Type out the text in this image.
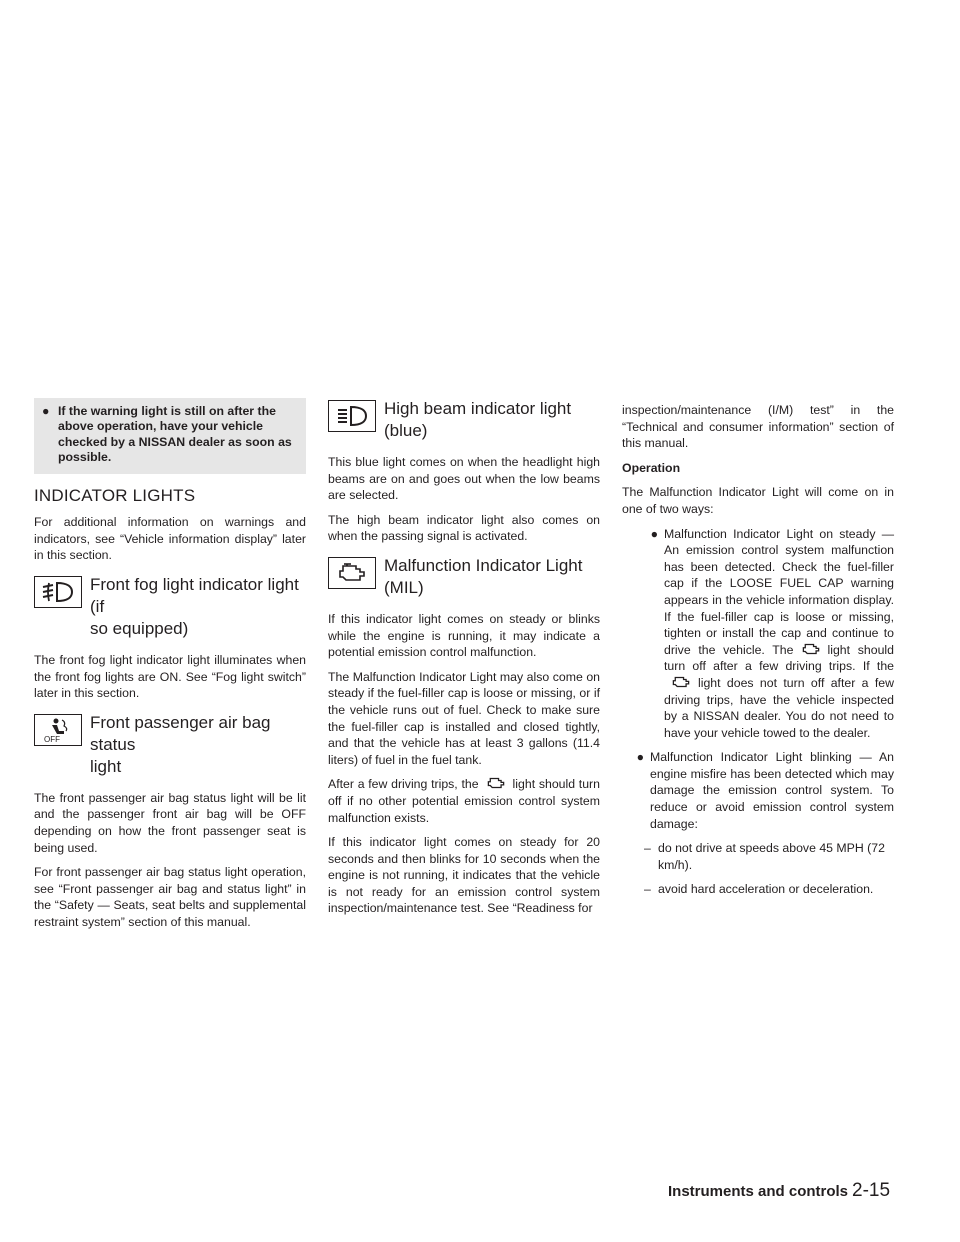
● If the warning light is still on after the above operation, have your vehicle checked by a NISSAN dealer as soon as possible.
INDICATOR LIGHTS

For additional information on warnings and indicators, see “Vehicle information display” later in this section.

Front fog light indicator light (if
so equipped)

The front fog light indicator light illuminates when the front fog lights are ON. See “Fog light switch” later in this section.

OFF
Front passenger air bag status
light

The front passenger air bag status light will be lit and the passenger front air bag will be OFF depending on how the front passenger seat is being used.

For front passenger air bag status light operation, see “Front passenger air bag and status light” in the “Safety — Seats, seat belts and supplemental restraint system” section of this manual.

High beam indicator light
(blue)

This blue light comes on when the headlight high beams are on and goes out when the low beams are selected.

The high beam indicator light also comes on when the passing signal is activated.

Malfunction Indicator Light
(MIL)

If this indicator light comes on steady or blinks while the engine is running, it may indicate a potential emission control malfunction.

The Malfunction Indicator Light may also come on steady if the fuel-filler cap is loose or missing, or if the vehicle runs out of fuel. Check to make sure the fuel-filler cap is installed and closed tightly, and that the vehicle has at least 3 gallons (11.4 liters) of fuel in the fuel tank.

After a few driving trips, the	light should turn off if no other potential emission control system malfunction exists.

If this indicator light comes on steady for 20 seconds and then blinks for 10 seconds when the engine is not running, it indicates that the vehicle is not ready for an emission control system inspection/maintenance test. See “Readiness for

inspection/maintenance (I/M) test” in the “Technical and consumer information” section of this manual.

Operation

The Malfunction Indicator Light will come on in one of two ways:

● Malfunction Indicator Light on steady — An emission control system malfunction has been detected. Check the fuel-filler cap if the LOOSE FUEL CAP warning appears in the vehicle information display. If the fuel-filler cap is loose or missing, tighten or install the cap and continue to drive the vehicle. The	light should turn off after a few driving trips. If the
light does not turn off after a few driving trips, have the vehicle inspected by a NISSAN dealer. You do not need to have your vehicle towed to the dealer.
● Malfunction Indicator Light blinking — An engine misfire has been detected which may damage the emission control system. To reduce or avoid emission control system damage:
– do not drive at speeds above 45 MPH (72 km/h).
– avoid hard acceleration or deceleration.
Instruments and controls 2-15
